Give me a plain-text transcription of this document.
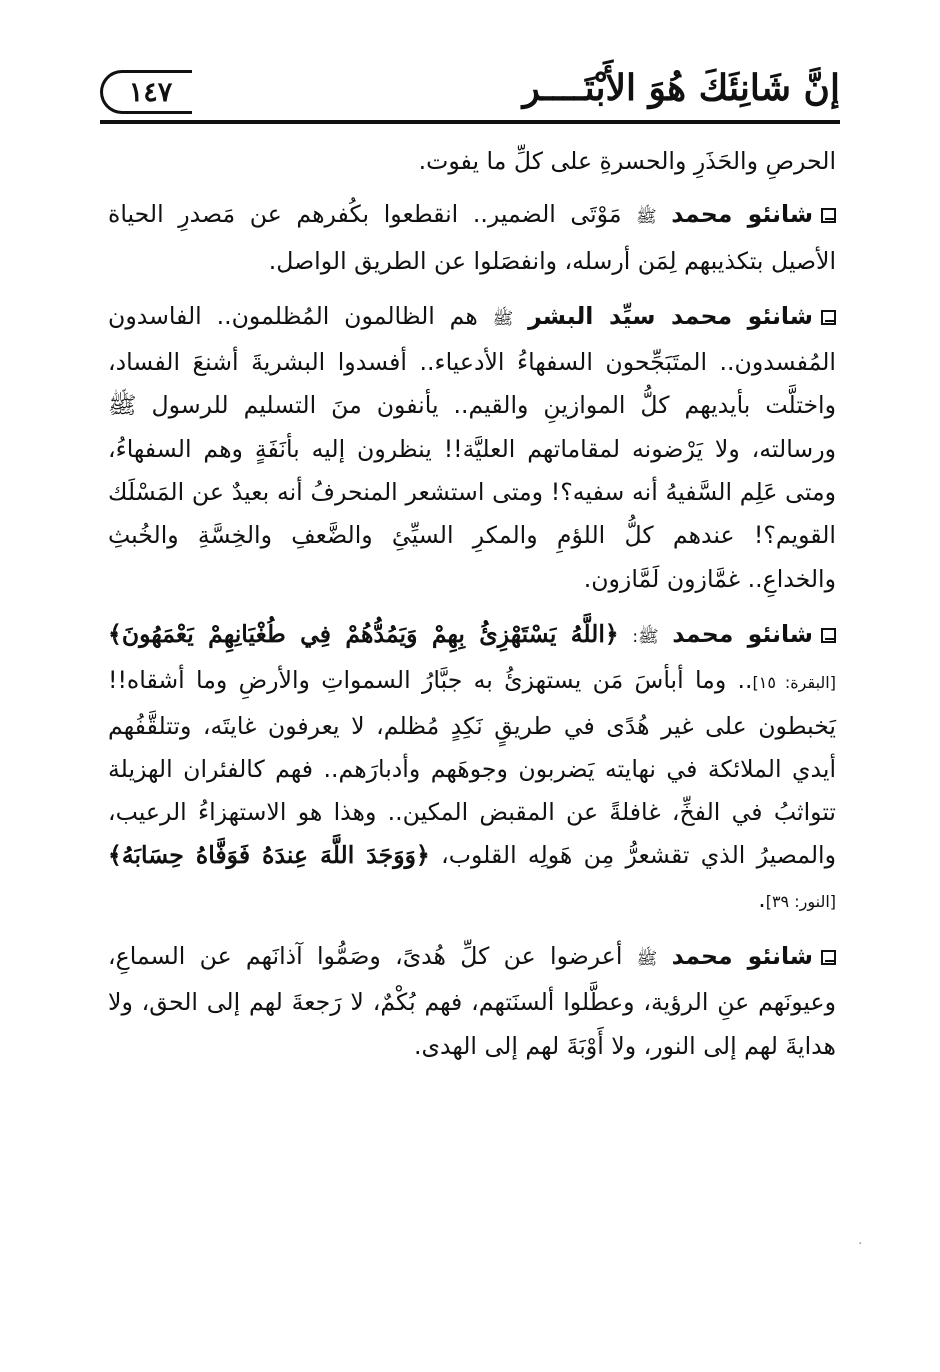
إنَّ شَانِئَكَ هُوَ الأَبْتَــــر
١٤٧

الحرصِ والحَذَرِ والحسرةِ على كلِّ ما يفوت.

شانئو محمد ﷺ مَوْتَى الضمير.. انقطعوا بكُفرهم عن مَصدرِ الحياة الأصيل بتكذيبهم لِمَن أرسله، وانفصَلوا عن الطريق الواصل.

شانئو محمد سيِّد البشر ﷺ هم الظالمون المُظلمون.. الفاسدون المُفسدون.. المتَبَجِّحون السفهاءُ الأدعياء.. أفسدوا البشريةَ أشنعَ الفساد، واختلَّت بأيديهم كلُّ الموازينِ والقيم.. يأنفون منَ التسليم للرسول ﷺ ورسالته، ولا يَرْضونه لمقاماتهم العليَّة!! ينظرون إليه بأنَفَةٍ وهم السفهاءُ، ومتى عَلِم السَّفيهُ أنه سفيه؟! ومتى استشعر المنحرفُ أنه بعيدٌ عن المَسْلَك القويم؟! عندهم كلُّ اللؤمِ والمكرِ السيِّئِ والضَّعفِ والخِسَّةِ والخُبثِ والخداعِ.. غمَّازون لَمَّازون.

شانئو محمد ﷺ: ﴿اللَّهُ يَسْتَهْزِئُ بِهِمْ وَيَمُدُّهُمْ فِي طُغْيَانِهِمْ يَعْمَهُونَ﴾ [البقرة: ١٥].. وما أبأسَ مَن يستهزئُ به جبَّارُ السمواتِ والأرضِ وما أشقاه!! يَخبطون على غير هُدًى في طريقٍ نَكِدٍ مُظلم، لا يعرفون غايتَه، وتتلقَّفُهم أيدي الملائكة في نهايته يَضربون وجوهَهم وأدبارَهم.. فهم كالفئران الهزيلة تتواثبُ في الفخِّ، غافلةً عن المقبض المكين.. وهذا هو الاستهزاءُ الرعيب، والمصيرُ الذي تقشعرُّ مِن هَولِه القلوب، ﴿وَوَجَدَ اللَّهَ عِندَهُ فَوَفَّاهُ حِسَابَهُ﴾ [النور: ٣٩].

شانئو محمد ﷺ أعرضوا عن كلِّ هُدىً، وصَمُّوا آذانَهم عن السماعِ، وعيونَهم عنِ الرؤية، وعطَّلوا ألسنَتهم، فهم بُكْمٌ، لا رَجعةَ لهم إلى الحق، ولا هدايةَ لهم إلى النور، ولا أَوْبَةَ لهم إلى الهدى.

·
